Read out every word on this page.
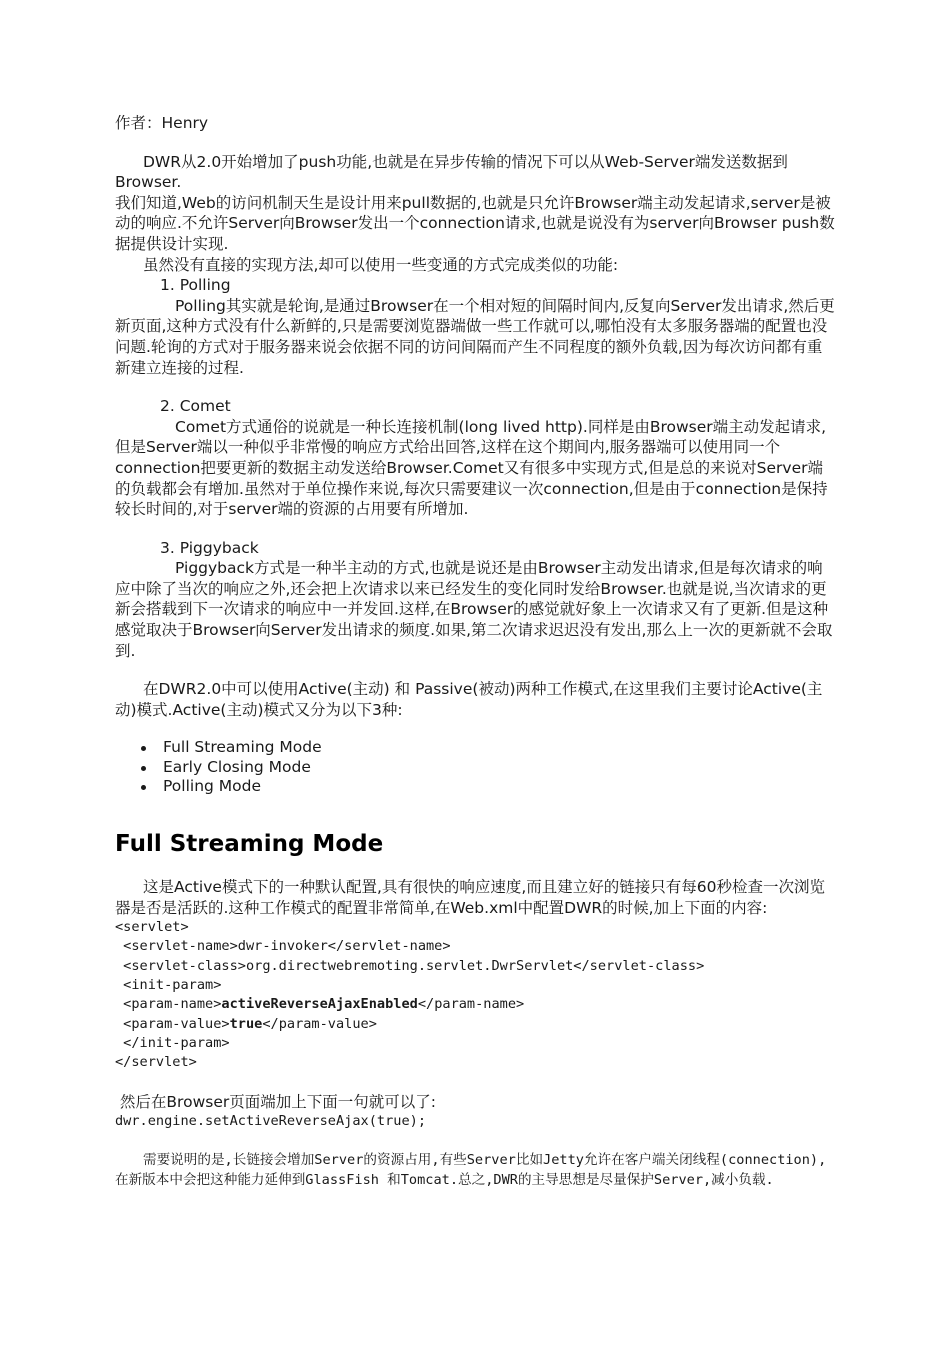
作者：Henry

DWR从2.0开始增加了push功能,也就是在异步传输的情况下可以从Web-Server端发送数据到Browser.

我们知道,Web的访问机制天生是设计用来pull数据的,也就是只允许Browser端主动发起请求,server是被动的响应.不允许Server向Browser发出一个connection请求,也就是说没有为server向Browser push数据提供设计实现.

虽然没有直接的实现方法,却可以使用一些变通的方式完成类似的功能:

1. Polling

Polling其实就是轮询,是通过Browser在一个相对短的间隔时间内,反复向Server发出请求,然后更新页面,这种方式没有什么新鲜的,只是需要浏览器端做一些工作就可以,哪怕没有太多服务器端的配置也没问题.轮询的方式对于服务器来说会依据不同的访问间隔而产生不同程度的额外负载,因为每次访问都有重新建立连接的过程.

2. Comet

Comet方式通俗的说就是一种长连接机制(long lived http).同样是由Browser端主动发起请求,但是Server端以一种似乎非常慢的响应方式给出回答,这样在这个期间内,服务器端可以使用同一个connection把要更新的数据主动发送给Browser.Comet又有很多中实现方式,但是总的来说对Server端的负载都会有增加.虽然对于单位操作来说,每次只需要建议一次connection,但是由于connection是保持较长时间的,对于server端的资源的占用要有所增加.

3. Piggyback

Piggyback方式是一种半主动的方式,也就是说还是由Browser主动发出请求,但是每次请求的响应中除了当次的响应之外,还会把上次请求以来已经发生的变化同时发给Browser.也就是说,当次请求的更新会搭载到下一次请求的响应中一并发回.这样,在Browser的感觉就好象上一次请求又有了更新.但是这种感觉取决于Browser向Server发出请求的频度.如果,第二次请求迟迟没有发出,那么上一次的更新就不会取到.

在DWR2.0中可以使用Active(主动) 和 Passive(被动)两种工作模式,在这里我们主要讨论Active(主动)模式.Active(主动)模式又分为以下3种:

Full Streaming Mode
Early Closing Mode
Polling Mode
Full Streaming Mode

这是Active模式下的一种默认配置,具有很快的响应速度,而且建立好的链接只有每60秒检查一次浏览器是否是活跃的.这种工作模式的配置非常简单,在Web.xml中配置DWR的时候,加上下面的内容:

<servlet>
<servlet-name>dwr-invoker</servlet-name>
<servlet-class>org.directwebremoting.servlet.DwrServlet</servlet-class>
<init-param>
<param-name>activeReverseAjaxEnabled</param-name>
<param-value>true</param-value>
</init-param>
</servlet>

然后在Browser页面端加上下面一句就可以了:

dwr.engine.setActiveReverseAjax(true);

需要说明的是,长链接会增加Server的资源占用,有些Server比如Jetty允许在客户端关闭线程(connection),在新版本中会把这种能力延伸到GlassFish 和Tomcat.总之,DWR的主导思想是尽量保护Server,减小负载.
